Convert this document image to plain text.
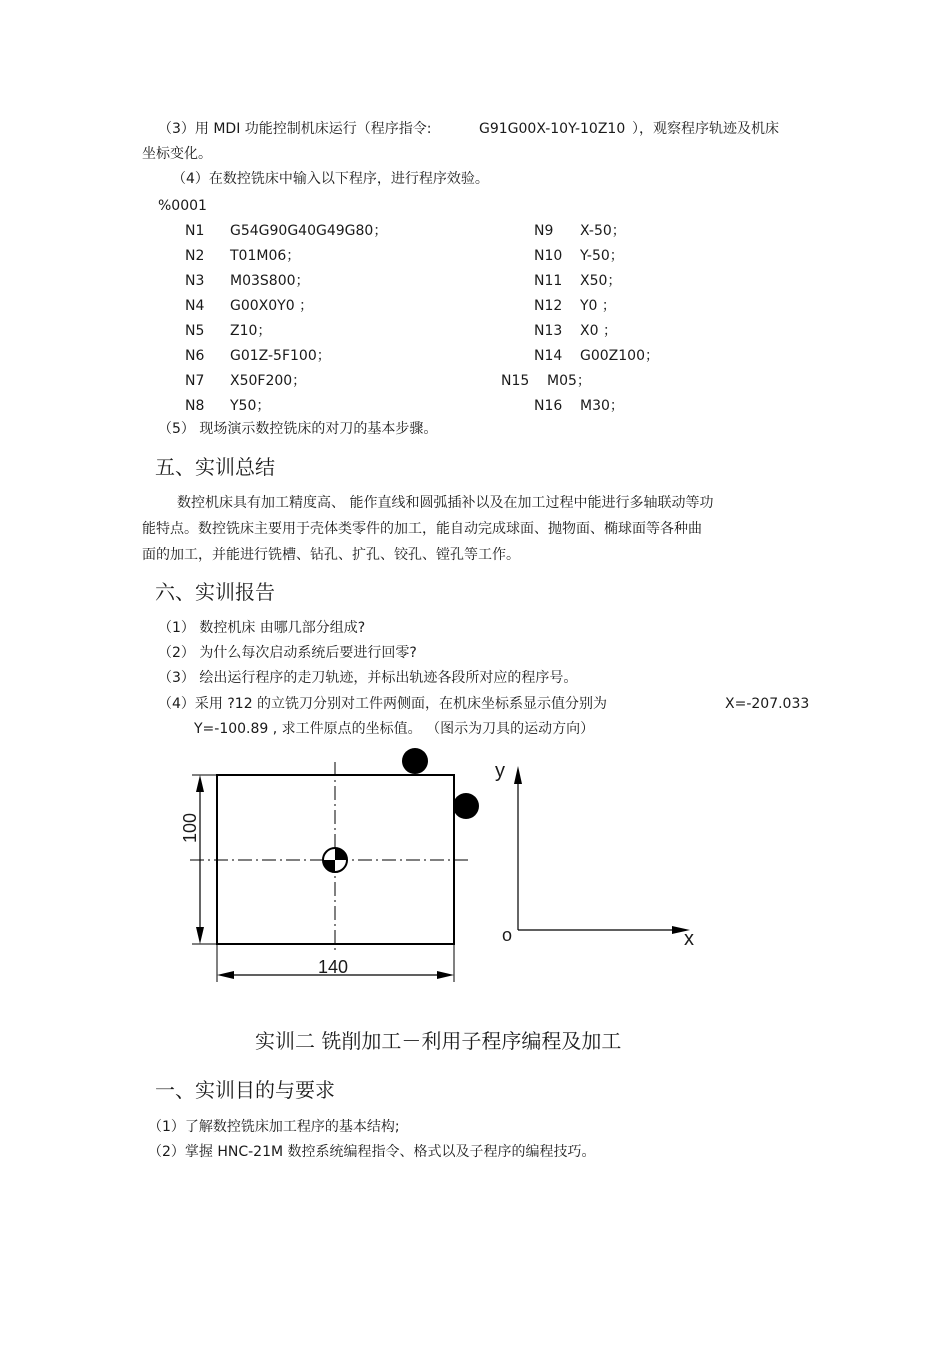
（3）用 MDI 功能控制机床运行（程序指令:	G91G00X-10Y-10Z10 ），观察程序轨迹及机床
坐标变化。
（4）在数控铣床中输入以下程序，进行程序效验。
%0001
N1 G54G90G40G49G80；
N2 T01M06；
N3 M03S800；
N4 G00X0Y0 ；
N5 Z10；
N6 G01Z-5F100；
N7 X50F200；
N8 Y50；
N9 X-50；
N10 Y-50；
N11 X50；
N12 Y0 ；
N13 X0 ；
N14 G00Z100；
N15 M05；
N16 M30；
（5） 现场演示数控铣床的对刀的基本步骤。
五、实训总结
数控机床具有加工精度高、 能作直线和圆弧插补以及在加工过程中能进行多轴联动等功
能特点。数控铣床主要用于壳体类零件的加工，能自动完成球面、抛物面、椭球面等各种曲
面的加工，并能进行铣槽、钻孔、扩孔、铰孔、镗孔等工作。
六、实训报告
（1） 数控机床 由哪几部分组成?
（2） 为什么每次启动系统后要进行回零?
（3） 绘出运行程序的走刀轨迹，并标出轨迹各段所对应的程序号。
（4）采用 ?12 的立铣刀分别对工件两侧面，在机床坐标系显示值分别为	X=-207.033
Y=-100.89 , 求工件原点的坐标值。 （图示为刀具的运动方向）
100
140
y
x
o
实训二 铣削加工－利用子程序编程及加工
一、实训目的与要求
（1）了解数控铣床加工程序的基本结构;
（2）掌握 HNC-21M 数控系统编程指令、格式以及子程序的编程技巧。
